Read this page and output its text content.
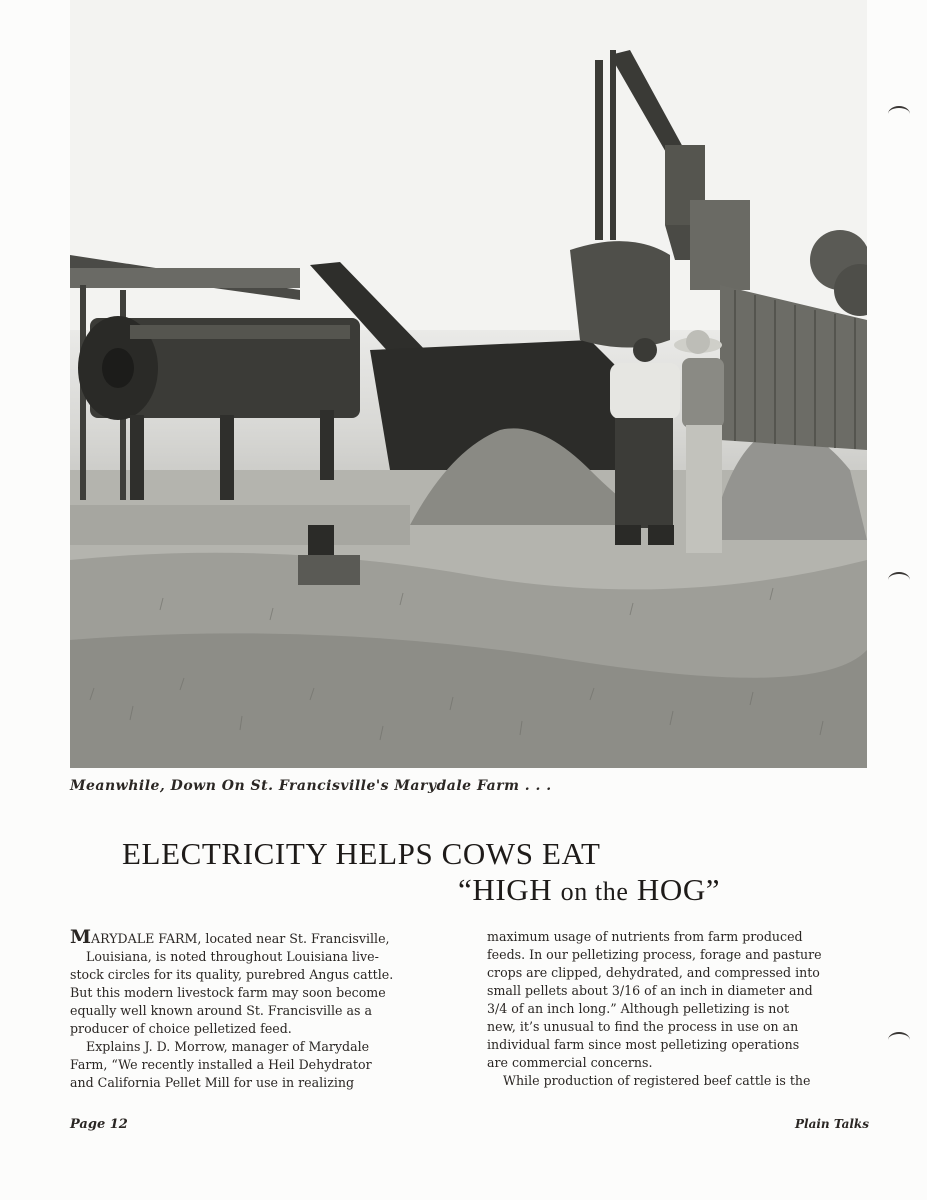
Meanwhile, Down On St. Francisville's Marydale Farm . . .
ELECTRICITY HELPS COWS EAT
“HIGH on the HOG”
MARYDALE FARM, located near St. Francisville,
Louisiana, is noted throughout Louisiana live-
stock circles for its quality, purebred Angus cattle.
But this modern livestock farm may soon become
equally well known around St. Francisville as a
producer of choice pelletized feed.
Explains J. D. Morrow, manager of Marydale
Farm, “We recently installed a Heil Dehydrator
and California Pellet Mill for use in realizing
maximum usage of nutrients from farm produced
feeds. In our pelletizing process, forage and pasture
crops are clipped, dehydrated, and compressed into
small pellets about 3/16 of an inch in diameter and
3/4 of an inch long.” Although pelletizing is not
new, it’s unusual to find the process in use on an
individual farm since most pelletizing operations
are commercial concerns.
While production of registered beef cattle is the
Page 12	Plain Talks
